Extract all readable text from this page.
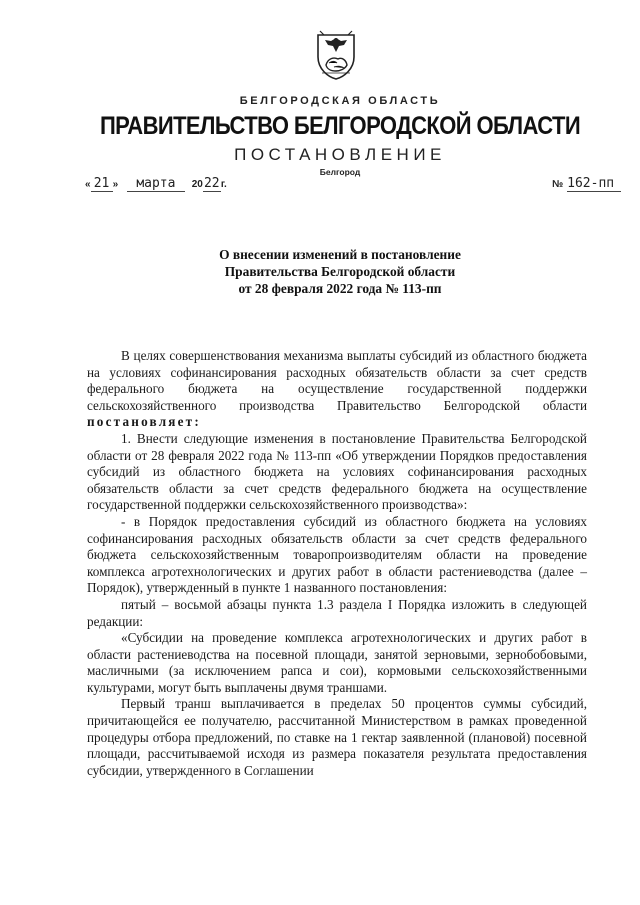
БЕЛГОРОДСКАЯ ОБЛАСТЬ
ПРАВИТЕЛЬСТВО БЕЛГОРОДСКОЙ ОБЛАСТИ
ПОСТАНОВЛЕНИЕ
Белгород
« 21 » марта 2022г.	№ 162-пп
О внесении изменений в постановление
Правительства Белгородской области
от 28 февраля 2022 года № 113-пп

В целях совершенствования механизма выплаты субсидий из областного бюджета на условиях софинансирования расходных обязательств области за счет средств федерального бюджета на осуществление государственной поддержки сельскохозяйственного производства Правительство Белгородской области постановляет:

1. Внести следующие изменения в постановление Правительства Белгородской области от 28 февраля 2022 года № 113-пп «Об утверждении Порядков предоставления субсидий из областного бюджета на условиях софинансирования расходных обязательств области за счет средств федерального бюджета на осуществление государственной поддержки сельскохозяйственного производства»:

- в Порядок предоставления субсидий из областного бюджета на условиях софинансирования расходных обязательств области за счет средств федерального бюджета сельскохозяйственным товаропроизводителям области на проведение комплекса агротехнологических и других работ в области растениеводства (далее – Порядок), утвержденный в пункте 1 названного постановления:

пятый – восьмой абзацы пункта 1.3 раздела I Порядка изложить в следующей редакции:

«Субсидии на проведение комплекса агротехнологических и других работ в области растениеводства на посевной площади, занятой зерновыми, зернобобовыми, масличными (за исключением рапса и сои), кормовыми сельскохозяйственными культурами, могут быть выплачены двумя траншами.

Первый транш выплачивается в пределах 50 процентов суммы субсидий, причитающейся ее получателю, рассчитанной Министерством в рамках проведенной процедуры отбора предложений, по ставке на 1 гектар заявленной (плановой) посевной площади, рассчитываемой исходя из размера показателя результата предоставления субсидии, утвержденного в Соглашении
